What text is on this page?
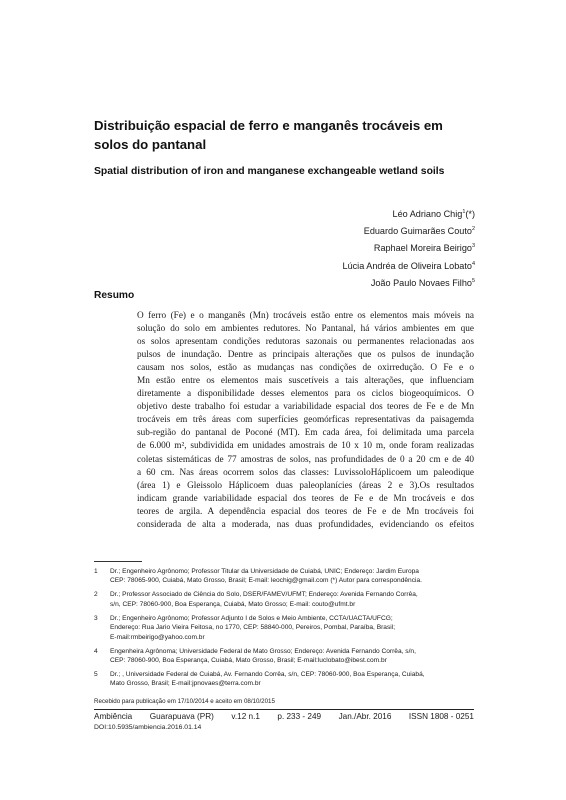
Distribuição espacial de ferro e manganês trocáveis em
solos do pantanal
Spatial distribution of iron and manganese exchangeable wetland soils
Léo Adriano Chig$^1$(*)
Eduardo Guimarães Couto$^2$
Raphael Moreira Beirigo$^3$
Lúcia Andréa de Oliveira Lobato$^4$
João Paulo Novaes Filho$^5$
Resumo
O ferro (Fe) e o manganês (Mn) trocáveis estão entre os elementos mais móveis na
solução do solo em ambientes redutores. No Pantanal, há vários ambientes em que
os solos apresentam condições redutoras sazonais ou permanentes relacionadas aos
pulsos de inundação. Dentre as principais alterações que os pulsos de inundação
causam nos solos, estão as mudanças nas condições de oxirredução. O Fe e o
Mn estão entre os elementos mais suscetíveis a tais alterações, que influenciam
diretamente a disponibilidade desses elementos para os ciclos biogeoquímicos. O
objetivo deste trabalho foi estudar a variabilidade espacial dos teores de Fe e de Mn
trocáveis em três áreas com superfícies geomórficas representativas da paisagemda
sub-região do pantanal de Poconé (MT). Em cada área, foi delimitada uma parcela
de 6.000 m², subdividida em unidades amostrais de 10 x 10 m, onde foram realizadas
coletas sistemáticas de 77 amostras de solos, nas profundidades de 0 a 20 cm e de 40
a 60 cm. Nas áreas ocorrem solos das classes: LuvissoloHáplicoem um paleodique
(área 1) e Gleissolo Háplicoem duas paleoplanícies (áreas 2 e 3).Os resultados
indicam grande variabilidade espacial dos teores de Fe e de Mn trocáveis e dos
teores de argila. A dependência espacial dos teores de Fe e de Mn trocáveis foi
considerada de alta a moderada, nas duas profundidades, evidenciando os efeitos
1	Dr.; Engenheiro Agrônomo; Professor Titular da Universidade de Cuiabá, UNIC; Endereço: Jardim Europa
CEP: 78065-900, Cuiabá, Mato Grosso, Brasil; E-mail: leochig@gmail.com (*) Autor para correspondência.
2	Dr.; Professor Associado de Ciência do Solo, DSER/FAMEV/UFMT; Endereço: Avenida Fernando Corrêa,
s/n, CEP: 78060-900, Boa Esperança, Cuiabá, Mato Grosso; E-mail: couto@ufmt.br
3	Dr.; Engenheiro Agrônomo; Professor Adjunto I de Solos e Meio Ambiente, CCTA/UACTA/UFCG;
Endereço: Rua Jario Vieira Feitosa, no 1770, CEP: 58840-000, Pereiros, Pombal, Paraíba, Brasil;
E-mail:rmbeirigo@yahoo.com.br
4	Engenheira Agrônoma; Universidade Federal de Mato Grosso; Endereço: Avenida Fernando Corrêa, s/n,
CEP: 78060-900, Boa Esperança, Cuiabá, Mato Grosso, Brasil; E-mail:luclobato@ibest.com.br
5	Dr.; , Universidade Federal de Cuiabá, Av. Fernando Corrêa, s/n, CEP: 78060-900, Boa Esperança, Cuiabá,
Mato Grosso, Brasil; E-mail:jpnovaes@terra.com.br
Recebido para publicação em 17/10/2014 e aceito em 08/10/2015
Ambiência Guarapuava (PR) v.12 n.1 p. 233 - 249 Jan./Abr. 2016 ISSN 1808 - 0251
DOI:10.5935/ambiencia.2016.01.14
